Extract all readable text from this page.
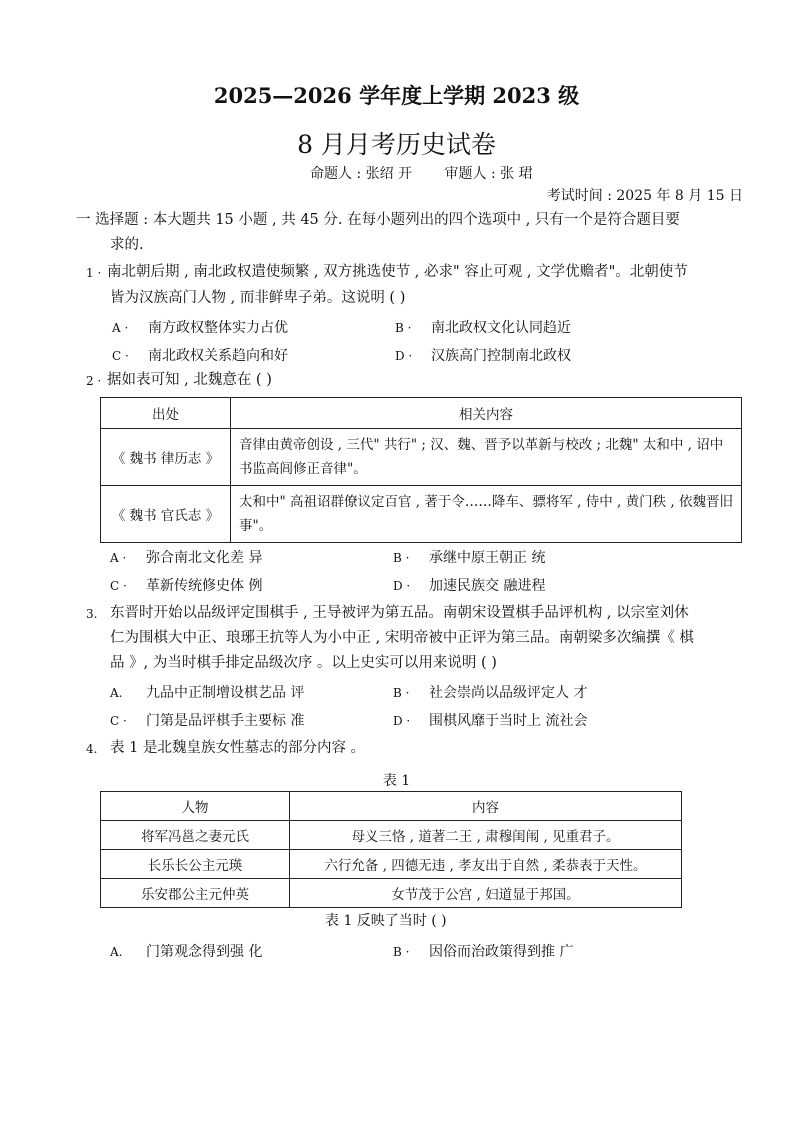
2025—2026 学年度上学期 2023 级
8 月月考历史试卷
命题人 : 张绍 开 审题人 : 张 珺
考试时间 : 2025 年 8 月 15 日
一 选择题 : 本大题共 15 小题 , 共 45 分. 在每小题列出的四个选项中 , 只有一个是符合题目要
求的.
1 · 南北朝后期 , 南北政权遣使频繁 , 双方挑选使节 , 必求" 容止可观 , 文学优赡者"。北朝使节
皆为汉族高门人物 , 而非鲜卑子弟。这说明 ( )
A · 南方政权整体实力占优	B · 南北政权文化认同趋近
C · 南北政权关系趋向和好	D · 汉族高门控制南北政权
2 · 据如表可知 , 北魏意在 ( )
出处	相关内容
《 魏书 律历志 》	音律由黄帝创设 , 三代" 共行" ; 汉、魏、晋予以革新与校改 ; 北魏" 太和中 , 诏中书监高闾修正音律"。
《 魏书 官氏志 》	太和中" 高祖诏群僚议定百官 , 著于令……降车、骠将军 , 侍中 , 黄门秩 , 依魏晋旧事"。
A · 弥合南北文化差 异	B · 承继中原王朝正 统
C · 革新传统修史体 例	D · 加速民族交 融进程
3. 东晋时开始以品级评定围棋手 , 王导被评为第五品。南朝宋设置棋手品评机构 , 以宗室刘休
仁为围棋大中正、琅琊王抗等人为小中正 , 宋明帝被中正评为第三品。南朝梁多次编撰《 棋
品 》, 为当时棋手排定品级次序 。以上史实可以用来说明 ( )
A. 九品中正制增设棋艺品 评	B · 社会崇尚以品级评定人 才
C · 门第是品评棋手主要标 准	D · 围棋风靡于当时上 流社会
4. 表 1 是北魏皇族女性墓志的部分内容 。
表 1
人物	内容
将军冯邕之妻元氏	母义三恪 , 道著二王 , 肃穆闺闱 , 见重君子。
长乐长公主元瑛	六行允备 , 四德无违 , 孝友出于自然 , 柔恭表于天性。
乐安郡公主元仲英	女节茂于公宫 , 妇道显于邦国。
表 1 反映了当时 ( )
A. 门第观念得到强 化	B · 因俗而治政策得到推 广
